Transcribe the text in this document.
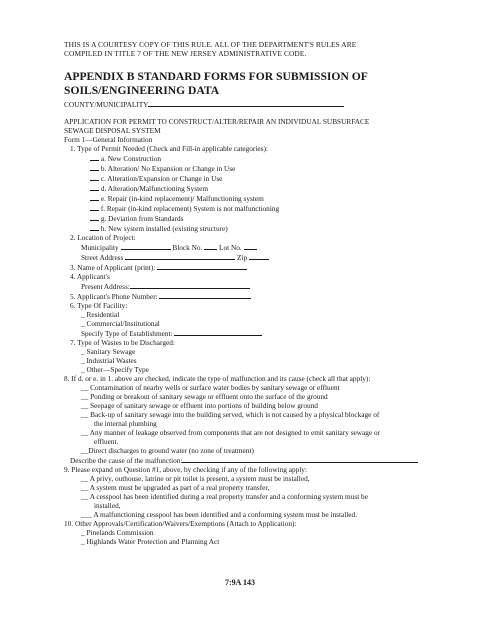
THIS IS A COURTESY COPY OF THIS RULE. ALL OF THE DEPARTMENT'S RULES ARE

COMPILED IN TITLE 7 OF THE NEW JERSEY ADMINISTRATIVE CODE.

APPENDIX B STANDARD FORMS FOR SUBMISSION OF
SOILS/ENGINEERING DATA
COUNTY/MUNICIPALITY
APPLICATION FOR PERMIT TO CONSTRUCT/ALTER/REPAIR AN INDIVIDUAL SUBSURFACE
SEWAGE DISPOSAL SYSTEM
Form 1—General Information
1. Type of Permit Needed (Check and Fill-in applicable categories):
a. New Construction
b. Alteration/ No Expansion or Change in Use
c. Alteration/Expansion or Change in Use
d. Alteration/Malfunctioning System
e. Repair (in-kind replacement)/ Malfunctioning system
f. Repair (in-kind replacement) System is not malfunctioning
g. Deviation from Standards
h. New system installed (existing structure)
2. Location of Project:
Municipality	Block No. Lot No.
Street Address	Zip
3. Name of Applicant (print):
4. Applicant's
Present Address:
5. Applicant's Phone Number:
6. Type Of Facility:
_ Residential
_ Commercial/Institutional
Specify Type of Establishment:
7. Type of Wastes to be Discharged:
_ Sanitary Sewage
_ Industrial Wastes
_ Other—Specify Type
8. If d. or e. in 1. above are checked, indicate the type of malfunction and its cause (check all that apply):
__ Contamination of nearby wells or surface water bodies by sanitary sewage or effluent
__ Ponding or breakout of sanitary sewage or effluent onto the surface of the ground
__ Seepage of sanitary sewage or effluent into portions of building below ground
__ Back-up of sanitary sewage into the building served, which is not caused by a physical blockage of
the internal plumbing
__ Any manner of leakage observed from components that are not designed to emit sanitary sewage or
effluent.
__Direct discharges to ground water (no zone of treatment)
Describe the cause of the malfunction:
9. Please expand on Question #1, above, by checking if any of the following apply:
__ A privy, outhouse, latrine or pit toilet is present, a system must be installed,
__ A system must be upgraded as part of a real property transfer,
__ A cesspool has been identified during a real property transfer and a conforming system must be
installed,
___ A malfunctioning cesspool has been identified and a conforming system must be installed.
10. Other Approvals/Certification/Waivers/Exemptions (Attach to Application):
_ Pinelands Commission
_ Highlands Water Protection and Planning Act
7:9A 143
